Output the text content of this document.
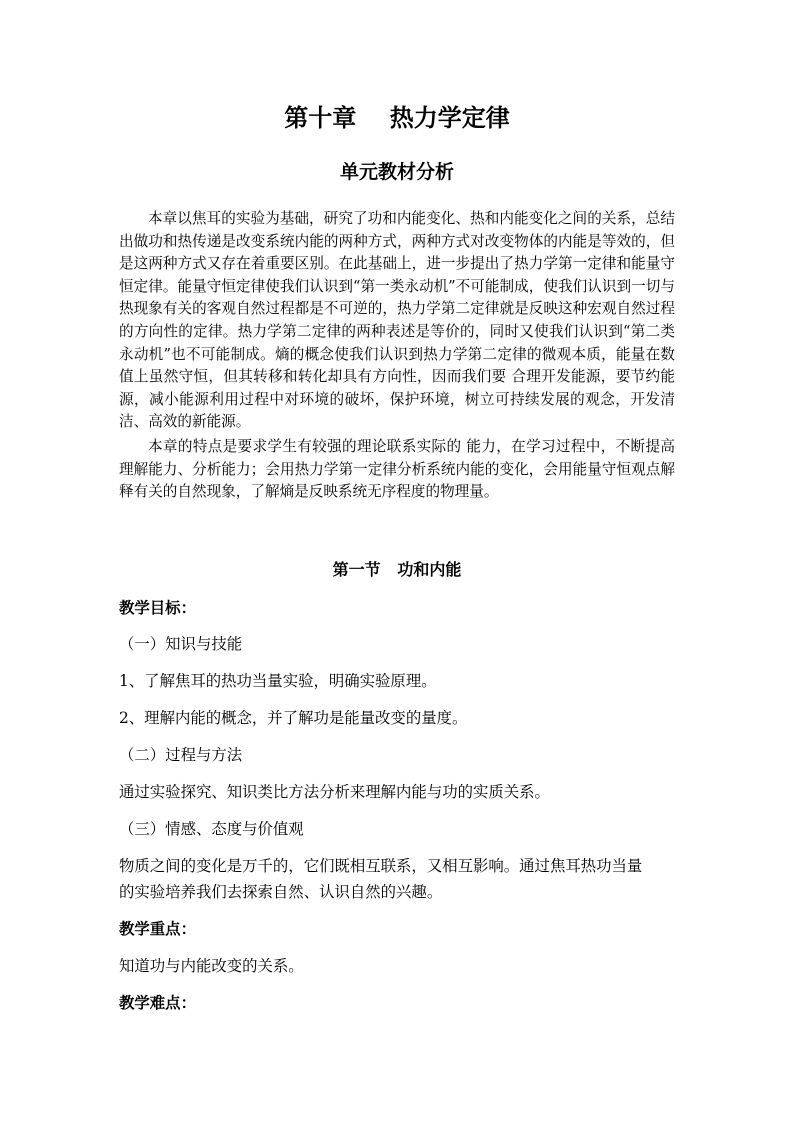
第十章    热力学定律
单元教材分析

本章以焦耳的实验为基础，研究了功和内能变化、热和内能变化之间的关系，总结出做功和热传递是改变系统内能的两种方式，两种方式对改变物体的内能是等效的，但是这两种方式又存在着重要区别。在此基础上，进一步提出了热力学第一定律和能量守恒定律。能量守恒定律使我们认识到“第一类永动机”不可能制成，使我们认识到一切与热现象有关的客观自然过程都是不可逆的，热力学第二定律就是反映这种宏观自然过程的方向性的定律。热力学第二定律的两种表述是等价的，同时又使我们认识到“第二类永动机”也不可能制成。熵的概念使我们认识到热力学第二定律的微观本质，能量在数值上虽然守恒，但其转移和转化却具有方向性，因而我们要 合理开发能源，要节约能源，减小能源利用过程中对环境的破坏，保护环境，树立可持续发展的观念，开发清洁、高效的新能源。

本章的特点是要求学生有较强的理论联系实际的 能力，在学习过程中，不断提高理解能力、分析能力；会用热力学第一定律分析系统内能的变化，会用能量守恒观点解释有关的自然现象，了解熵是反映系统无序程度的物理量。

第一节   功和内能

教学目标：

（一）知识与技能

1、了解焦耳的热功当量实验，明确实验原理。

2、理解内能的概念，并了解功是能量改变的量度。

（二）过程与方法

通过实验探究、知识类比方法分析来理解内能与功的实质关系。

（三）情感、态度与价值观

物质之间的变化是万千的，它们既相互联系，又相互影响。通过焦耳热功当量

的实验培养我们去探索自然、认识自然的兴趣。

教学重点：

知道功与内能改变的关系。

教学难点：
